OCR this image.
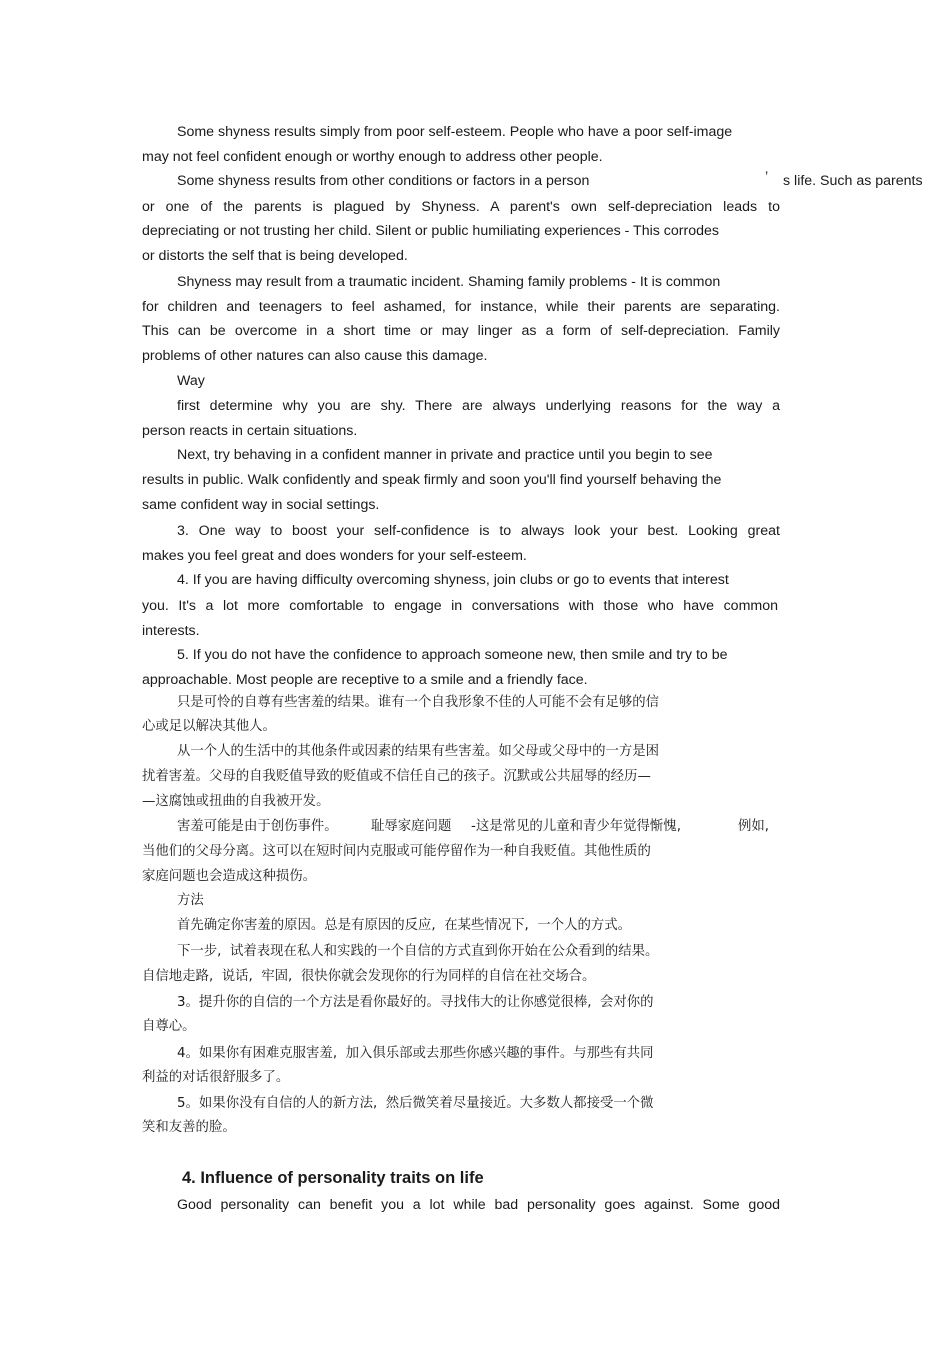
Some shyness results simply from poor self-esteem. People who have a poor self-image
may not feel confident enough or worthy enough to address other people.
Some shyness results from other conditions or factors in a person	’ s life. Such as parents
or one of the parents is plagued by Shyness. A parent's own self-depreciation leads to
depreciating or not trusting her child. Silent or public humiliating experiences - This corrodes
or distorts the self that is being developed.
Shyness may result from a traumatic incident. Shaming family problems - It is common
for children and teenagers to feel ashamed, for instance, while their parents are separating.
This can be overcome in a short time or may linger as a form of self-depreciation. Family
problems of other natures can also cause this damage.
Way
first determine why you are shy. There are always underlying reasons for the way a
person reacts in certain situations.
Next, try behaving in a confident manner in private and practice until you begin to see
results in public. Walk confidently and speak firmly and soon you'll find yourself behaving the
same confident way in social settings.
3. One way to boost your self-confidence is to always look your best. Looking great
makes you feel great and does wonders for your self-esteem.
4. If you are having difficulty overcoming shyness, join clubs or go to events that interest
you. It's a lot more comfortable to engage in conversations with those who have common
interests.
5. If you do not have the confidence to approach someone new, then smile and try to be
approachable. Most people are receptive to a smile and a friendly face.
只是可怜的自尊有些害羞的结果。谁有一个自我形象不佳的人可能不会有足够的信
心或足以解决其他人。
从一个人的生活中的其他条件或因素的结果有些害羞。如父母或父母中的一方是困
扰着害羞。父母的自我贬值导致的贬值或不信任自己的孩子。沉默或公共屈辱的经历—
—这腐蚀或扭曲的自我被开发。
害羞可能是由于创伤事件。 耻辱家庭问题 -这是常见的儿童和青少年觉得惭愧,	例如,
当他们的父母分离。这可以在短时间内克服或可能停留作为一种自我贬值。其他性质的
家庭问题也会造成这种损伤。
方法
首先确定你害羞的原因。总是有原因的反应,  在某些情况下,  一个人的方式。
下一步,  试着表现在私人和实践的一个自信的方式直到你开始在公众看到的结果。
自信地走路,  说话,  牢固,  很快你就会发现你的行为同样的自信在社交场合。
3。提升你的自信的一个方法是看你最好的。寻找伟大的让你感觉很棒,  会对你的
自尊心。
4。如果你有困难克服害羞,  加入俱乐部或去那些你感兴趣的事件。与那些有共同
利益的对话很舒服多了。
5。如果你没有自信的人的新方法,  然后微笑着尽量接近。大多数人都接受一个微
笑和友善的脸。
4. Influence of personality traits on life
Good personality can benefit you a lot while bad personality goes against. Some good
